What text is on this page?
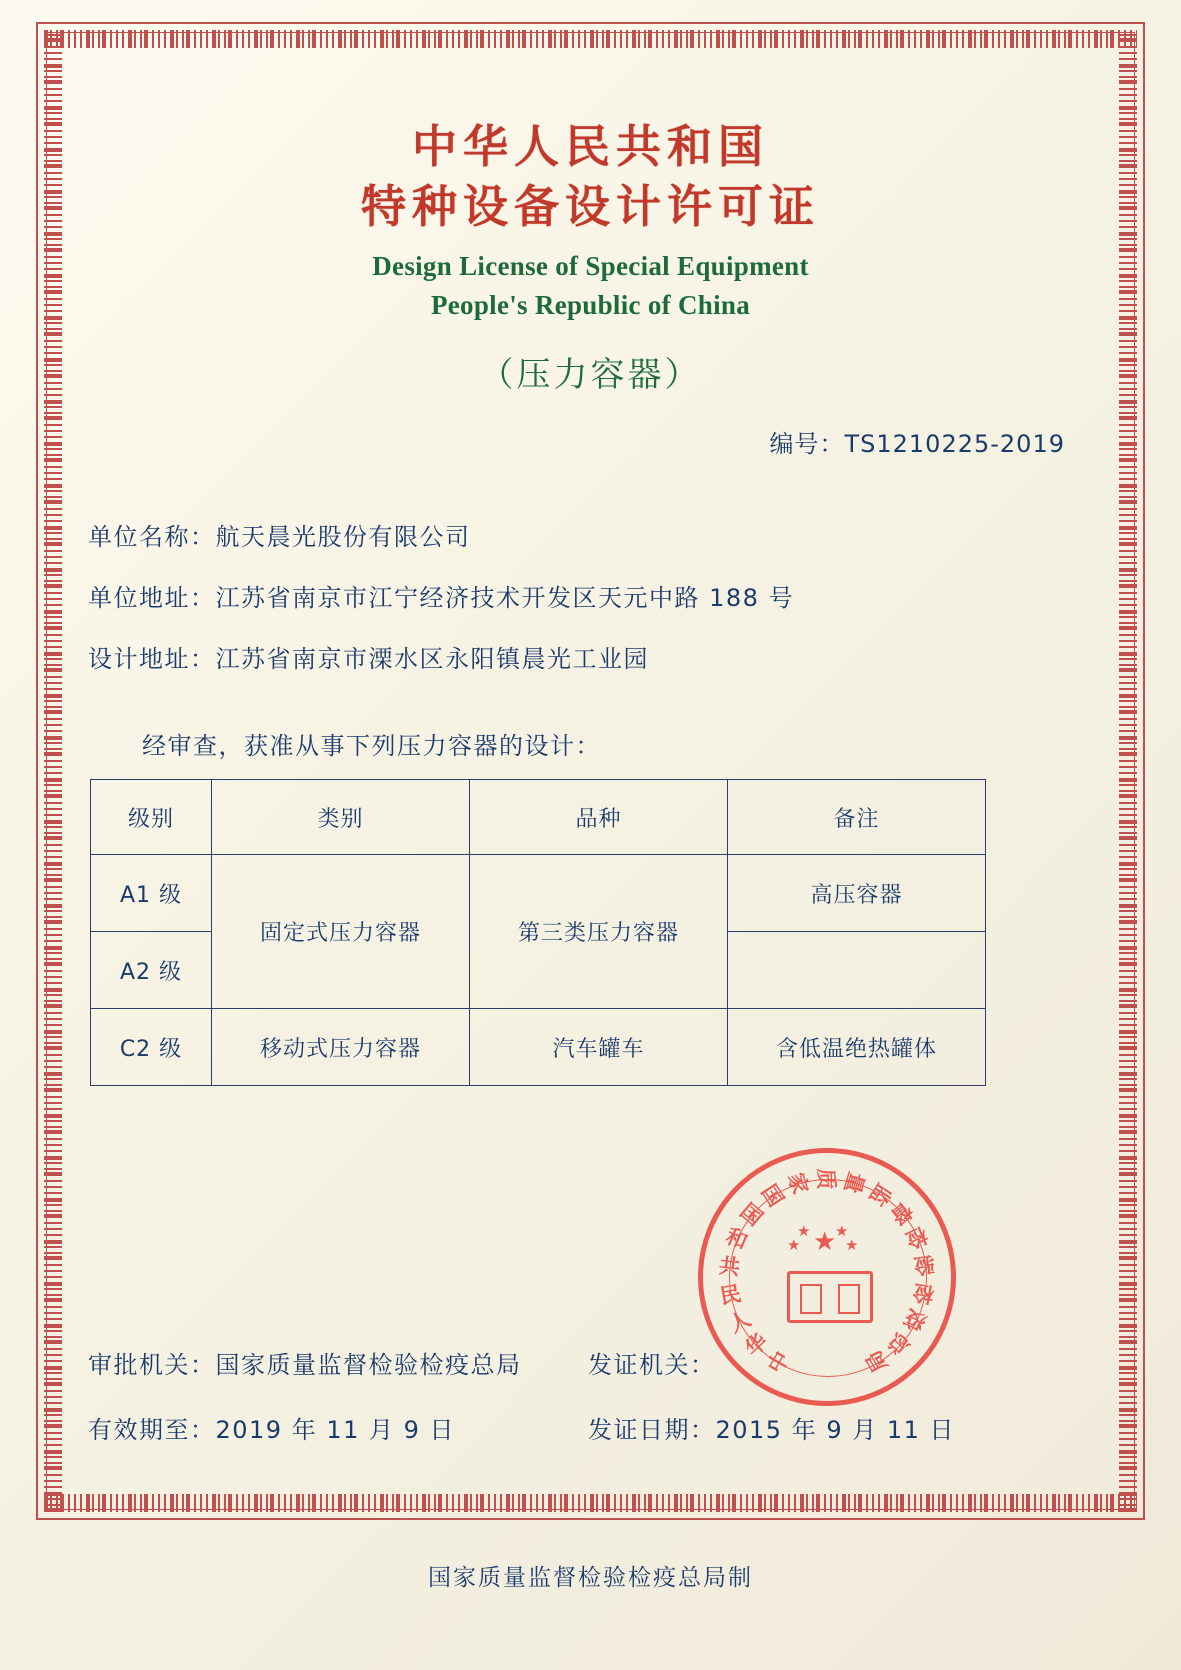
中华人民共和国
特种设备设计许可证
Design License of Special Equipment
People's Republic of China
（压力容器）
编号：TS1210225-2019
单位名称：航天晨光股份有限公司
单位地址：江苏省南京市江宁经济技术开发区天元中路 188 号
设计地址：江苏省南京市溧水区永阳镇晨光工业园
经审查，获准从事下列压力容器的设计：
级别	类别	品种	备注
A1 级	固定式压力容器	第三类压力容器	高压容器
A2 级			
C2 级	移动式压力容器	汽车罐车	含低温绝热罐体
审批机关：国家质量监督检验检疫总局	发证机关：
有效期至：2019 年 11 月 9 日	发证日期：2015 年 9 月 11 日
中
华
人
民
共
和
国
国
家 质 量
监
督
检
验
检
疫
总
局
★
★
★ ★
★
国家质量监督检验检疫总局制
